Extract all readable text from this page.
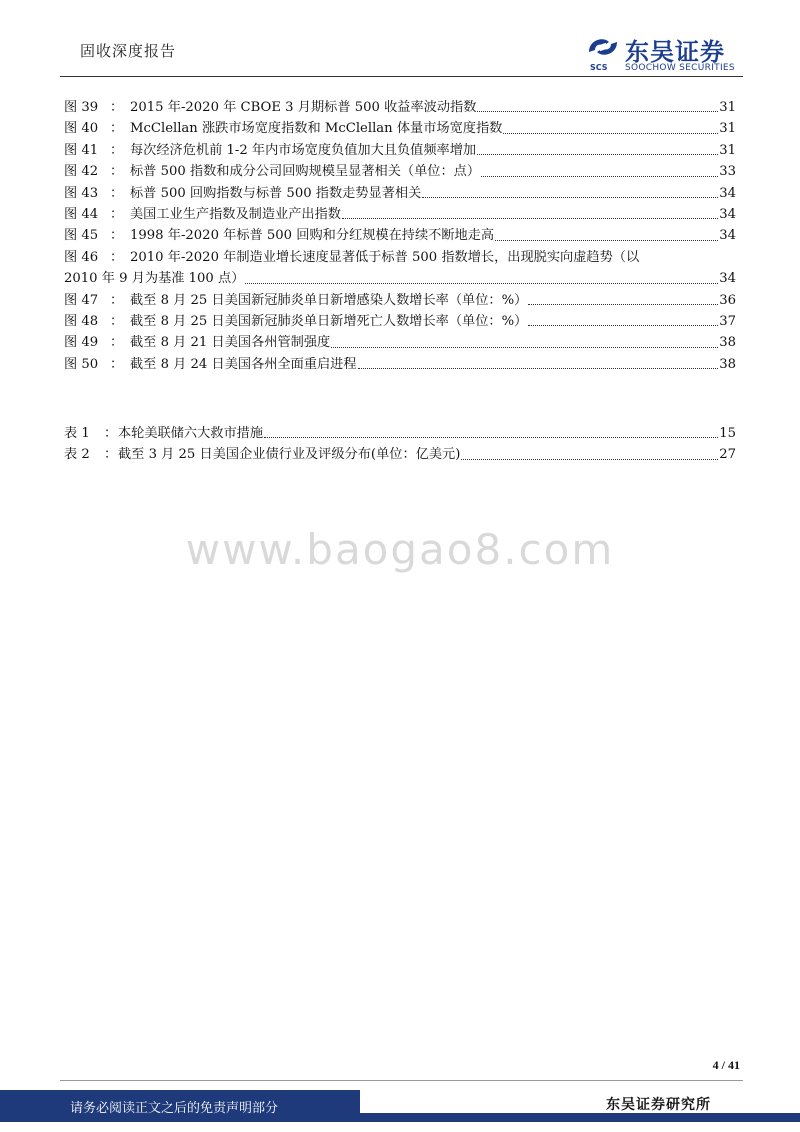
固收深度报告	东吴证券
SCS SOOCHOW SECURITIES
图 39 ： 2015 年-2020 年 CBOE 3 月期标普 500 收益率波动指数	31
图 40 ： McClellan 涨跌市场宽度指数和 McClellan 体量市场宽度指数	31
图 41 ： 每次经济危机前 1-2 年内市场宽度负值加大且负值频率增加	31
图 42 ： 标普 500 指数和成分公司回购规模呈显著相关（单位：点）	33
图 43 ： 标普 500 回购指数与标普 500 指数走势显著相关	34
图 44 ： 美国工业生产指数及制造业产出指数	34
图 45 ： 1998 年-2020 年标普 500 回购和分红规模在持续不断地走高	34
图 46 ： 2010 年-2020 年制造业增长速度显著低于标普 500 指数增长，出现脱实向虚趋势（以
2010 年 9 月为基准 100 点）	34
图 47 ： 截至 8 月 25 日美国新冠肺炎单日新增感染人数增长率（单位：%）	36
图 48 ： 截至 8 月 25 日美国新冠肺炎单日新增死亡人数增长率（单位：%）	37
图 49 ： 截至 8 月 21 日美国各州管制强度	38
图 50 ： 截至 8 月 24 日美国各州全面重启进程	38
表 1	： 本轮美联储六大救市措施	15
表 2	： 截至 3 月 25 日美国企业债行业及评级分布(单位：亿美元)	27
www.baogao8.com
4 / 41
请务必阅读正文之后的免责声明部分	东吴证券研究所
